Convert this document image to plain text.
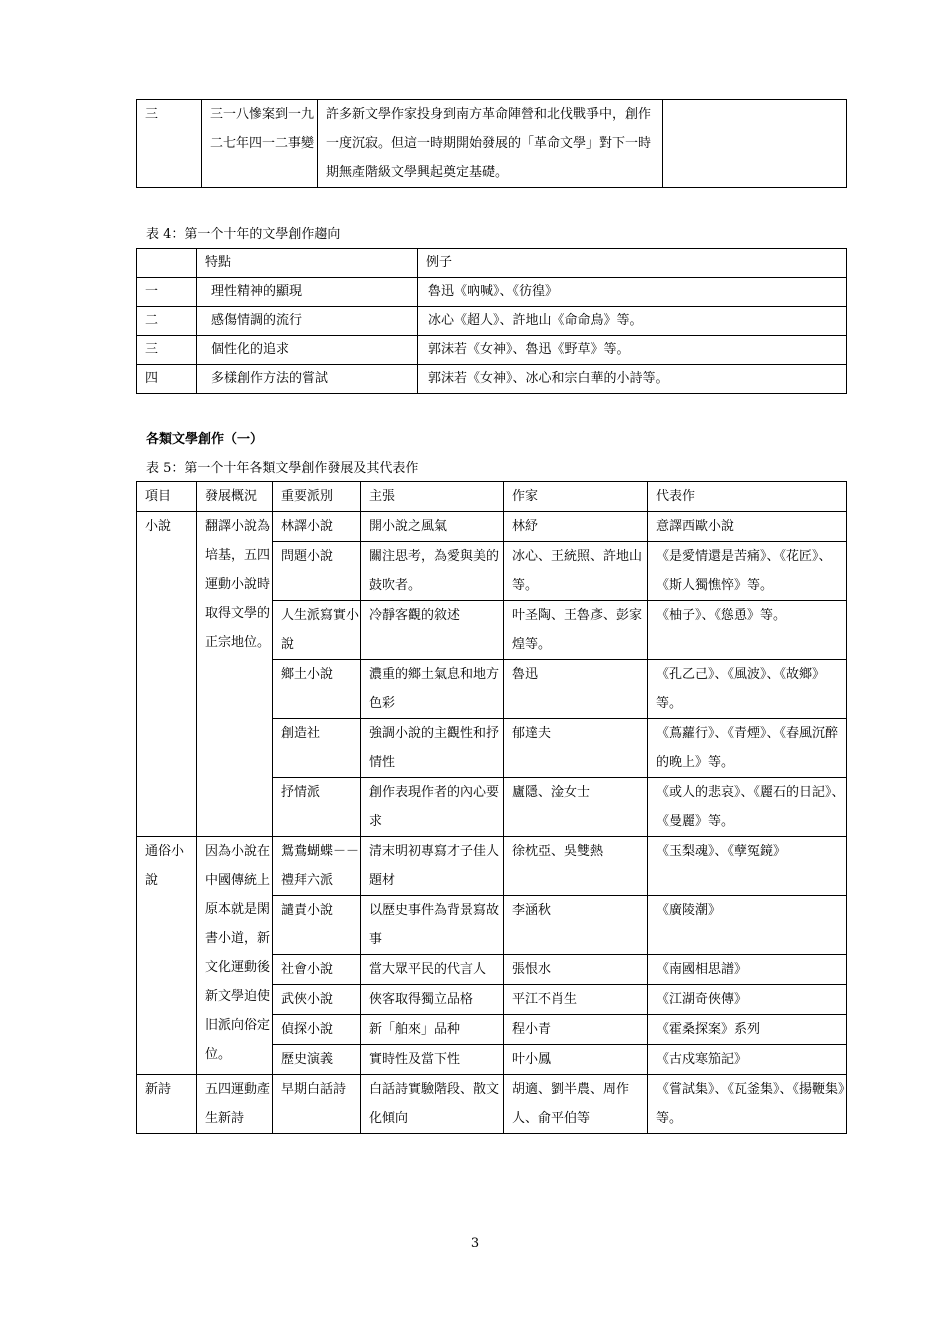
三	三一八慘案到一九二七年四一二事變	許多新文學作家投身到南方革命陣營和北伐戰爭中，創作一度沉寂。但這一時期開始發展的「革命文學」對下一時期無產階級文學興起奠定基礎。	
表 4：第一个十年的文學創作趨向
	特點	例子
一	理性精神的顯現	魯迅《吶喊》、《彷徨》
二	感傷情調的流行	冰心《超人》、許地山《命命鳥》等。
三	個性化的追求	郭沫若《女神》、魯迅《野草》等。
四	多樣創作方法的嘗試	郭沫若《女神》、冰心和宗白華的小詩等。
各類文學創作（一）
表 5：第一个十年各類文學創作發展及其代表作
項目	發展概況	重要派別	主張	作家	代表作
小說	翻譯小說為培基，五四運動小說時取得文學的正宗地位。	林譯小說	開小說之風氣	林紓	意譯西歐小說
		問題小說	關注思考，為愛與美的鼓吹者。	冰心、王統照、許地山等。	《是愛情還是苦痛》、《花匠》、《斯人獨憔悴》等。
		人生派寫實小說	冷靜客觀的敘述	叶圣陶、王魯彥、彭家煌等。	《柚子》、《慫恿》等。
		鄉土小說	濃重的鄉土氣息和地方色彩	魯迅	《孔乙己》、《風波》、《故鄉》等。
		創造社	強調小說的主觀性和抒情性	郁達夫	《蔦蘿行》、《青煙》、《春風沉醉的晚上》等。
		抒情派	創作表現作者的內心要求	廬隱、淦女士	《或人的悲哀》、《麗石的日記》、《曼麗》等。
通俗小說	因為小說在中國傳統上原本就是閑書小道，新文化運動後新文學迫使旧派向俗定位。	鴛鴦蝴蝶－－禮拜六派	清末明初專寫才子佳人題材	徐枕亞、吳雙熱	《玉梨魂》、《孽冤鏡》
		譴責小說	以歷史事件為背景寫故事	李涵秋	《廣陵潮》
		社會小說	當大眾平民的代言人	張恨水	《南國相思譜》
		武俠小說	俠客取得獨立品格	平江不肖生	《江湖奇俠傳》
		偵探小說	新「舶來」品种	程小青	《霍桑探案》系列
		歷史演義	實時性及當下性	叶小鳳	《古戍寒笳記》
新詩	五四運動產生新詩	早期白話詩	白話詩實驗階段、散文化傾向	胡適、劉半農、周作人、俞平伯等	《嘗試集》、《瓦釜集》、《揚鞭集》等。
3
